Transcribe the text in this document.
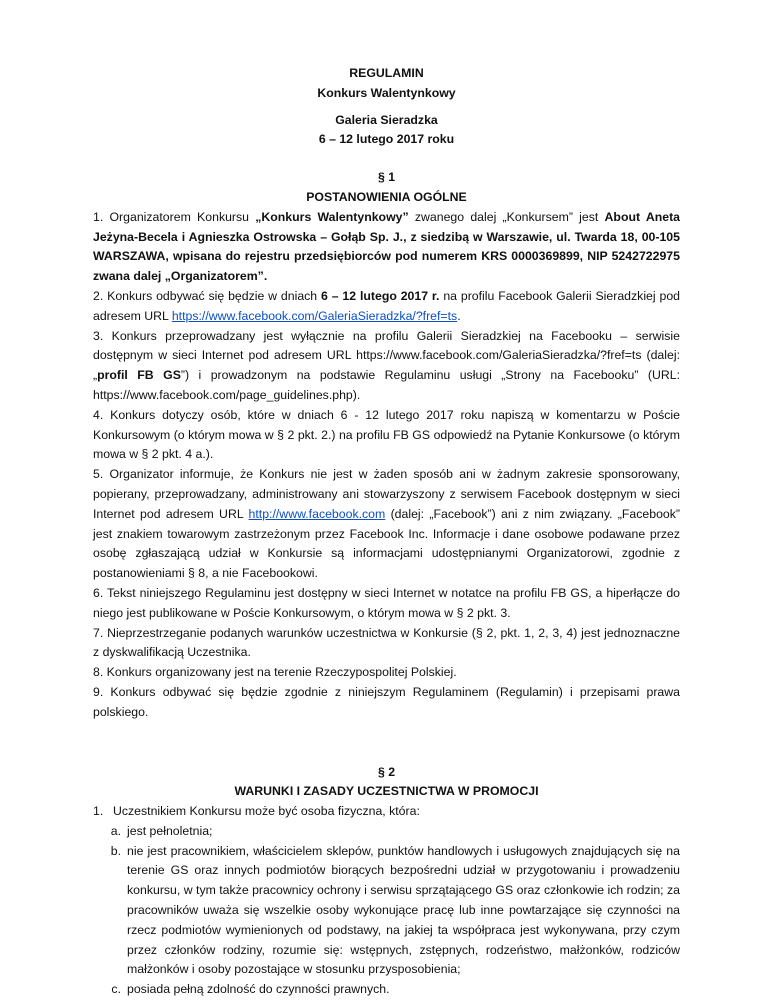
REGULAMIN
Konkurs Walentynkowy
Galeria Sieradzka
6 – 12 lutego 2017 roku
§ 1
POSTANOWIENIA OGÓLNE

1. Organizatorem Konkursu „Konkurs Walentynkowy” zwanego dalej „Konkursem” jest About Aneta Jeżyna-Becela i Agnieszka Ostrowska – Gołąb Sp. J., z siedzibą w Warszawie, ul. Twarda 18, 00-105 WARSZAWA, wpisana do rejestru przedsiębiorców pod numerem KRS 0000369899, NIP 5242722975 zwana dalej „Organizatorem”.

2. Konkurs odbywać się będzie w dniach 6 – 12 lutego 2017 r. na profilu Facebook Galerii Sieradzkiej pod adresem URL https://www.facebook.com/GaleriaSieradzka/?fref=ts.

3. Konkurs przeprowadzany jest wyłącznie na profilu Galerii Sieradzkiej na Facebooku – serwisie dostępnym w sieci Internet pod adresem URL https://www.facebook.com/GaleriaSieradzka/?fref=ts (dalej: „profil FB GS”) i prowadzonym na podstawie Regulaminu usługi „Strony na Facebooku” (URL: https://www.facebook.com/page_guidelines.php).

4. Konkurs dotyczy osób, które w dniach 6 - 12 lutego 2017 roku napiszą w komentarzu w Poście Konkursowym (o którym mowa w § 2 pkt. 2.) na profilu FB GS odpowiedź na Pytanie Konkursowe (o którym mowa w § 2 pkt. 4 a.).

5. Organizator informuje, że Konkurs nie jest w żaden sposób ani w żadnym zakresie sponsorowany, popierany, przeprowadzany, administrowany ani stowarzyszony z serwisem Facebook dostępnym w sieci Internet pod adresem URL http://www.facebook.com (dalej: „Facebook”) ani z nim związany. „Facebook” jest znakiem towarowym zastrzeżonym przez Facebook Inc. Informacje i dane osobowe podawane przez osobę zgłaszającą udział w Konkursie są informacjami udostępnianymi Organizatorowi, zgodnie z postanowieniami § 8, a nie Facebookowi.

6. Tekst niniejszego Regulaminu jest dostępny w sieci Internet w notatce na profilu FB GS, a hiperłącze do niego jest publikowane w Poście Konkursowym, o którym mowa w § 2 pkt. 3.

7. Nieprzestrzeganie podanych warunków uczestnictwa w Konkursie (§ 2, pkt. 1, 2, 3, 4) jest jednoznaczne z dyskwalifikacją Uczestnika.

8. Konkurs organizowany jest na terenie Rzeczypospolitej Polskiej.

9. Konkurs odbywać się będzie zgodnie z niniejszym Regulaminem (Regulamin) i przepisami prawa polskiego.

§ 2
WARUNKI I ZASADY UCZESTNICTWA W PROMOCJI
1. Uczestnikiem Konkursu może być osoba fizyczna, która:
a. jest pełnoletnia;
b. nie jest pracownikiem, właścicielem sklepów, punktów handlowych i usługowych znajdujących się na terenie GS oraz innych podmiotów biorących bezpośredni udział w przygotowaniu i prowadzeniu konkursu, w tym także pracownicy ochrony i serwisu sprzątającego GS oraz członkowie ich rodzin; za pracowników uważa się wszelkie osoby wykonujące pracę lub inne powtarzające się czynności na rzecz podmiotów wymienionych od podstawy, na jakiej ta współpraca jest wykonywana, przy czym przez członków rodziny, rozumie się: wstępnych, zstępnych, rodzeństwo, małżonków, rodziców małżonków i osoby pozostające w stosunku przysposobienia;
c. posiada pełną zdolność do czynności prawnych.
